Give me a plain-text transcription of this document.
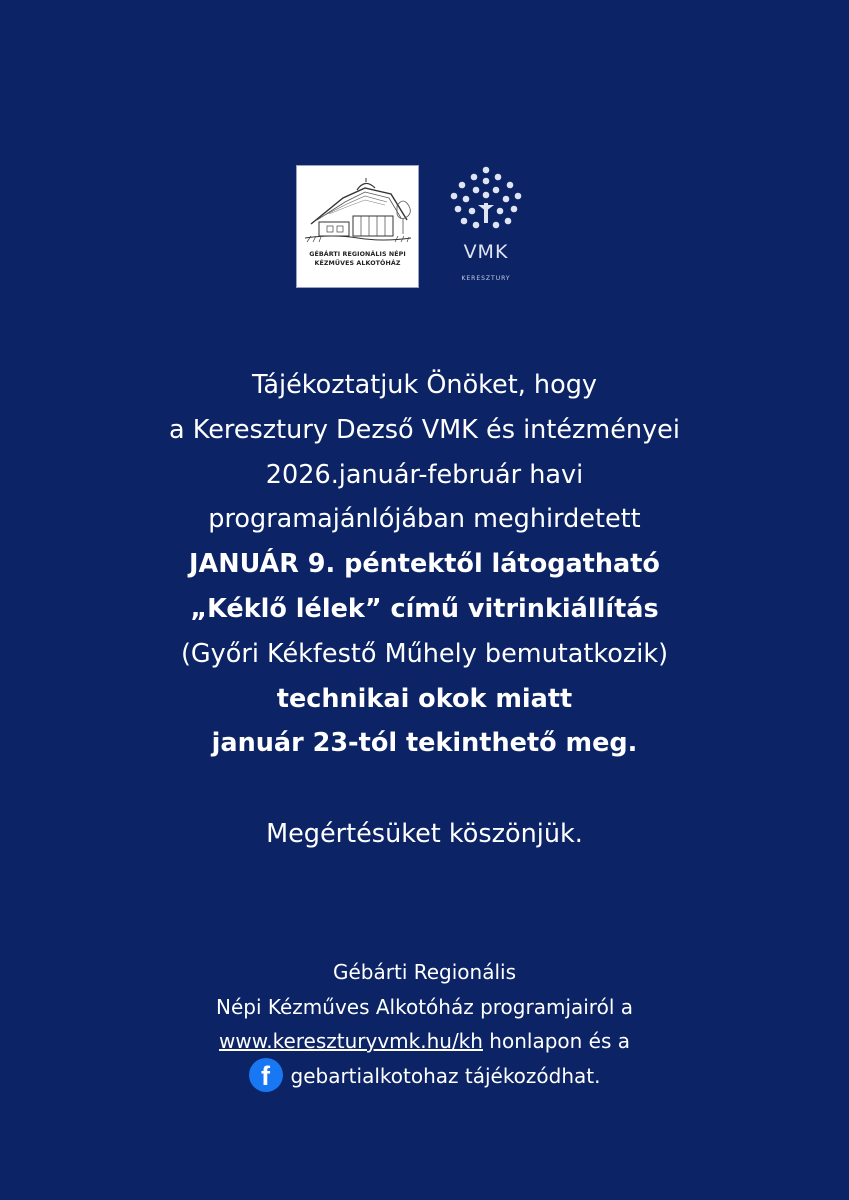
GÉBÁRTI REGIONÁLIS NÉPI
KÉZMŰVES ALKOTÓHÁZ
VMK
KERESZTURY

Tájékoztatjuk Önöket, hogy

a Keresztury Dezső VMK és intézményei

2026.január-február havi

programajánlójában meghirdetett

JANUÁR 9. péntektől látogatható

„Kéklő lélek” című vitrinkiállítás

(Győri Kékfestő Műhely bemutatkozik)

technikai okok miatt

január 23-tól tekinthető meg.

Megértésüket köszönjük.

Gébárti Regionális

Népi Kézműves Alkotóház programjairól a

www.kereszturyvmk.hu/kh honlapon és a

f	gebartialkotohaz tájékozódhat.
